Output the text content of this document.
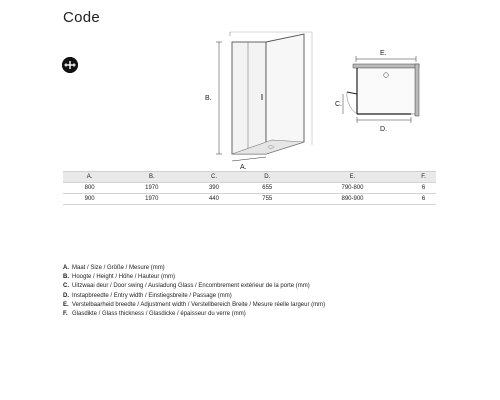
Code
B.
A.
E.
C.
D.
A.	B.	C.	D.	E.	F.
800	1970	390	655	790-800	6
900	1970	440	755	890-900	6
A. Maat / Size / Größe / Mesure (mm)
B. Hoogte / Height / Höhe / Hauteur (mm)
C. Uitzwaai deur / Door swing / Ausladung Glass / Encombrement extérieur de la porte (mm)
D. Instapbreedte / Entry width / Einstiegsbreite / Passage (mm)
E. Verstelbaarheid breedte / Adjustment width / Verstellbereich Breite / Mesure réelle largeur (mm)
F. Glasdikte / Glass thickness / Glasdicke / épaisseur du verre (mm)
